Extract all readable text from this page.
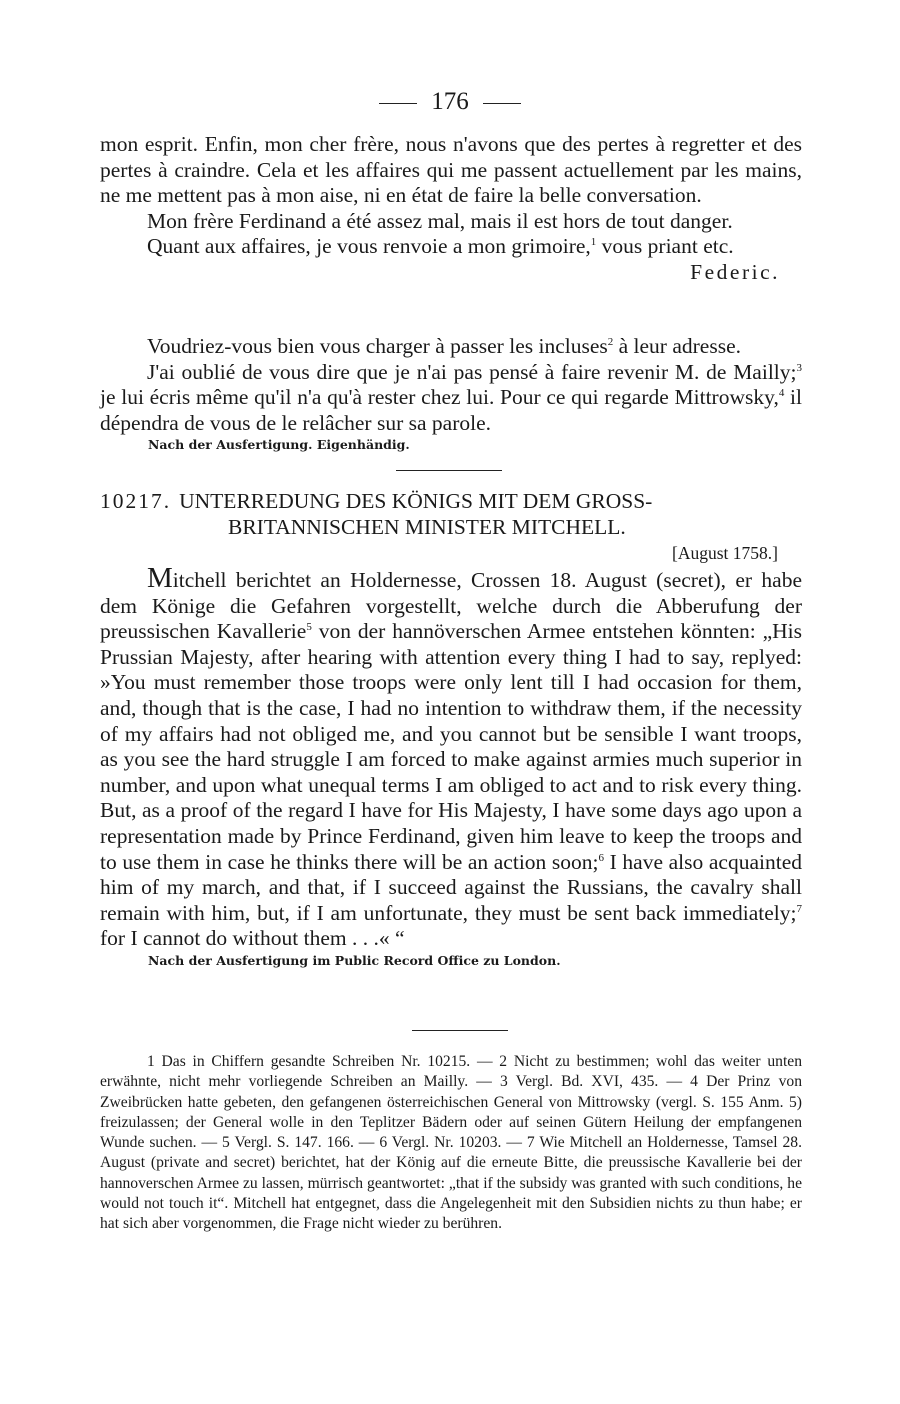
176

mon esprit. Enfin, mon cher frère, nous n'avons que des pertes à regretter et des pertes à craindre. Cela et les affaires qui me passent actuellement par les mains, ne me mettent pas à mon aise, ni en état de faire la belle conversation.

Mon frère Ferdinand a été assez mal, mais il est hors de tout danger.

Quant aux affaires, je vous renvoie a mon grimoire,$^1$ vous priant etc.

Federic.

Voudriez-vous bien vous charger à passer les incluses$^2$ à leur adresse.

J'ai oublié de vous dire que je n'ai pas pensé à faire revenir M. de Mailly;$^3$ je lui écris même qu'il n'a qu'à rester chez lui. Pour ce qui regarde Mittrowsky,$^4$ il dépendra de vous de le relâcher sur sa parole.

Nach der Ausfertigung. Eigenhändig.

10217. UNTERREDUNG DES KÖNIGS MIT DEM GROSS-
BRITANNISCHEN MINISTER MITCHELL.

[August 1758.]

Mitchell berichtet an Holdernesse, Crossen 18. August (secret), er habe dem Könige die Gefahren vorgestellt, welche durch die Abberufung der preussischen Kavallerie$^5$ von der hannöverschen Armee entstehen könnten: „His Prussian Majesty, after hearing with attention every thing I had to say, replyed: »You must remember those troops were only lent till I had occasion for them, and, though that is the case, I had no intention to withdraw them, if the necessity of my affairs had not obliged me, and you cannot but be sensible I want troops, as you see the hard struggle I am forced to make against armies much superior in number, and upon what unequal terms I am obliged to act and to risk every thing. But, as a proof of the regard I have for His Majesty, I have some days ago upon a representation made by Prince Ferdinand, given him leave to keep the troops and to use them in case he thinks there will be an action soon;$^6$ I have also acquainted him of my march, and that, if I succeed against the Russians, the cavalry shall remain with him, but, if I am unfortunate, they must be sent back immediately;$^7$ for I cannot do without them . . .« “

Nach der Ausfertigung im Public Record Office zu London.

1 Das in Chiffern gesandte Schreiben Nr. 10215. — 2 Nicht zu bestimmen; wohl das weiter unten erwähnte, nicht mehr vorliegende Schreiben an Mailly. — 3 Vergl. Bd. XVI, 435. — 4 Der Prinz von Zweibrücken hatte gebeten, den gefangenen österreichischen General von Mittrowsky (vergl. S. 155 Anm. 5) freizulassen; der General wolle in den Teplitzer Bädern oder auf seinen Gütern Heilung der empfangenen Wunde suchen. — 5 Vergl. S. 147. 166. — 6 Vergl. Nr. 10203. — 7 Wie Mitchell an Holdernesse, Tamsel 28. August (private and secret) berichtet, hat der König auf die erneute Bitte, die preussische Kavallerie bei der hannoverschen Armee zu lassen, mürrisch geantwortet: „that if the subsidy was granted with such conditions, he would not touch it“. Mitchell hat entgegnet, dass die Angelegenheit mit den Subsidien nichts zu thun habe; er hat sich aber vorgenommen, die Frage nicht wieder zu berühren.
